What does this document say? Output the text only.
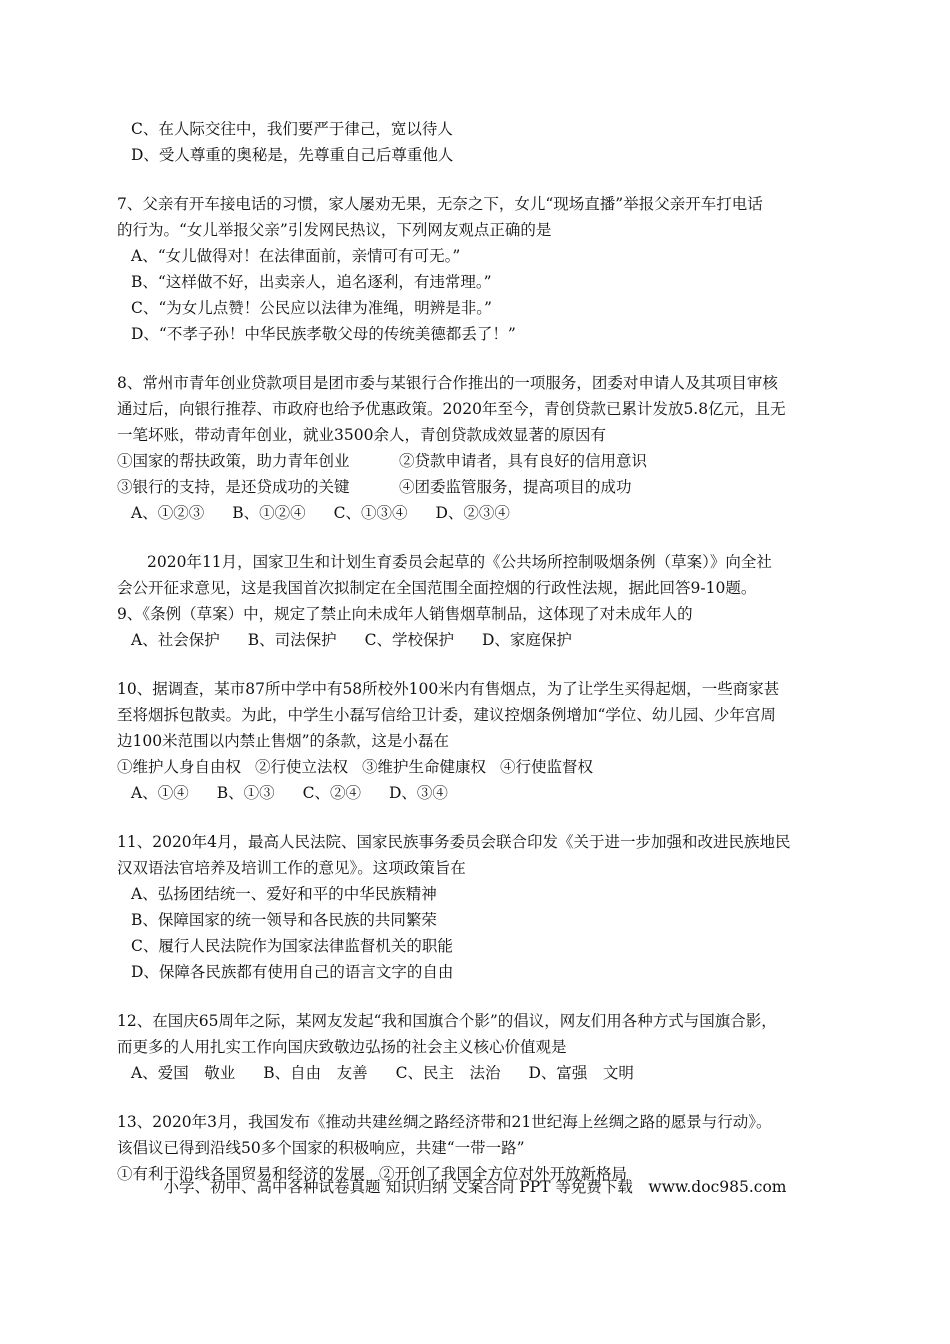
C、在人际交往中，我们要严于律己，宽以待人
D、受人尊重的奥秘是，先尊重自己后尊重他人
7、父亲有开车接电话的习惯，家人屡劝无果，无奈之下，女儿“现场直播”举报父亲开车打电话
的行为。“女儿举报父亲”引发网民热议，下列网友观点正确的是
A、“女儿做得对！在法律面前，亲情可有可无。”
B、“这样做不好，出卖亲人，追名逐利，有违常理。”
C、“为女儿点赞！公民应以法律为准绳，明辨是非。”
D、“不孝子孙！中华民族孝敬父母的传统美德都丢了！”
8、常州市青年创业贷款项目是团市委与某银行合作推出的一项服务，团委对申请人及其项目审核
通过后，向银行推荐、市政府也给予优惠政策。2020年至今，青创贷款已累计发放5.8亿元，且无
一笔坏账，带动青年创业，就业3500余人，青创贷款成效显著的原因有
①国家的帮扶政策，助力青年创业	②贷款申请者，具有良好的信用意识
③银行的支持，是还贷成功的关键	④团委监管服务，提高项目的成功
A、①②③ B、①②④ C、①③④ D、②③④
2020年11月，国家卫生和计划生育委员会起草的《公共场所控制吸烟条例（草案）》向全社
会公开征求意见，这是我国首次拟制定在全国范围全面控烟的行政性法规，据此回答9-10题。
9、《条例（草案）中，规定了禁止向未成年人销售烟草制品，这体现了对未成年人的
A、社会保护 B、司法保护 C、学校保护 D、家庭保护
10、据调查，某市87所中学中有58所校外100米内有售烟点，为了让学生买得起烟，一些商家甚
至将烟拆包散卖。为此，中学生小磊写信给卫计委，建议控烟条例增加“学位、幼儿园、少年宫周
边100米范围以内禁止售烟”的条款，这是小磊在
①维护人身自由权 ②行使立法权 ③维护生命健康权 ④行使监督权
A、①④ B、①③ C、②④ D、③④
11、2020年4月，最高人民法院、国家民族事务委员会联合印发《关于进一步加强和改进民族地民
汉双语法官培养及培训工作的意见》。这项政策旨在
A、弘扬团结统一、爱好和平的中华民族精神
B、保障国家的统一领导和各民族的共同繁荣
C、履行人民法院作为国家法律监督机关的职能
D、保障各民族都有使用自己的语言文字的自由
12、在国庆65周年之际，某网友发起“我和国旗合个影”的倡议，网友们用各种方式与国旗合影，
而更多的人用扎实工作向国庆致敬边弘扬的社会主义核心价值观是
A、爱国　敬业 B、自由　友善 C、民主　法治 D、富强　文明
13、2020年3月，我国发布《推动共建丝绸之路经济带和21世纪海上丝绸之路的愿景与行动》。
该倡议已得到沿线50多个国家的积极响应，共建“一带一路”
①有利于沿线各国贸易和经济的发展 ②开创了我国全方位对外开放新格局
小学、初中、高中各种试卷真题 知识归纳 文案合同 PPT 等免费下载　www.doc985.com
